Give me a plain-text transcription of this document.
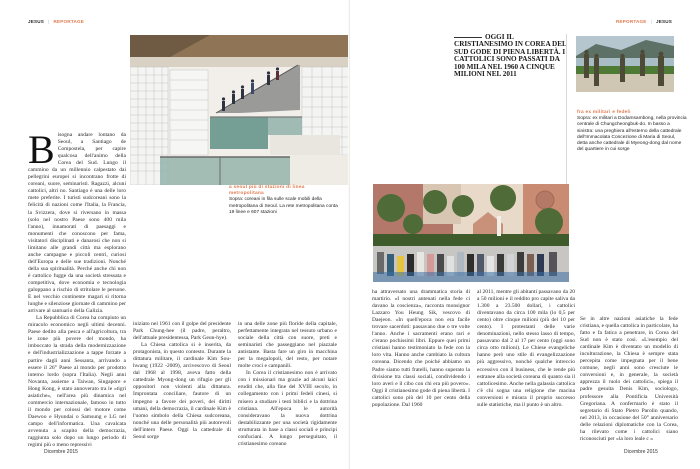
JESUS | REPORTAGE
a seoul più di stazioni di linea metropolitana
Sopra: coreani in fila sulle scale mobili della metropolitana di Seoul. La rete metropolitana conta 19 linee e 607 stazioni

Bisogna andare lontano da Seoul, a Santiago de Compostela, per capire qualcosa dell'animo della Corea del Sud. Lungo il cammino da un millennio calpestato dai pellegrini europei si incontrano frotte di coreani, suore, seminaristi. Ragazzi, alcuni cattolici, altri no. Santiago è una delle loro mete preferite. I turisti sudcoreani sono la felicità di nazioni come l'Italia, la Francia, la Svizzera, dove si riversano in massa (solo nel nostro Paese sono 400 mila l'anno), innamorati di paesaggi e monumenti che conoscono per fama, visitatori disciplinati e danarosi che non si limitano alle grandi città ma esplorano anche campagne e piccoli centri, curiosi dell'Europa e delle sue tradizioni. Nonché della sua spiritualità. Perché anche chi non è cattolico fugge da una società stressata e competitiva, dove economia e tecnologia galoppano a rischio di stritolare le persone. E nel vecchio continente magari si ritorna lunghe e silenziose giornate di cammino per arrivare al santuario della Galizia.

La Repubblica di Corea ha compiuto un miracolo economico negli ultimi decenni. Paese dedito alla pesca e all'agricoltura, tra le zone più povere del mondo, ha imboccato la strada della modernizzazione e dell'industrializzazione a tappe forzate a partire dagli anni Sessanta, arrivando a essere il 26° Paese al mondo per prodotto interno lordo (sopra l'Italia). Negli anni Novanta, assieme a Taiwan, Singapore e Hong Kong, è stato annoverato tra le «tigri asiatiche», nell'area più dinamica nel commercio internazionale, famoso in tutto il mondo per colossi del motore come Daewoo e Hyundai o Samsung e LG nel campo dell'informatica. Una cavalcata avvenuta a scapito della democrazia, raggiunta solo dopo un lungo periodo di regimi più o meno repressivi

iniziato nel 1961 con il golpe del presidente Park Chung-hee (il padre, peraltro, dell'attuale presidentessa, Park Geun-hye).

La Chiesa cattolica si è inserita, da protagonista, in questo contesto. Durante la dittatura militare, il cardinale Kim Sou-hwang (1922 -2009), arcivescovo di Seoul dal 1968 al 1998, aveva fatto della cattedrale Myong-dong un rifugio per gli oppositori non violenti alla dittatura. Improntata conciliare, fautore di un impegno a favore dei poveri, dei diritti umani, della democrazia, il cardinale Kim è l'uomo simbolo della Chiesa sudcoreana, nonché una delle personalità più autorevoli dell'intero Paese. Oggi la cattedrale di Seoul sorge

in una delle zone più floride della capitale, perfettamente integrata nel tessuto urbano e sociale della città con suore, preti e seminaristi che passeggiano nel piazzale antistante. Basta fare un giro in macchina per la megalopoli, del resto, per notare molte croci e campanili.

In Corea il cristianesimo non è arrivato con i missionari ma grazie ad alcuni laici eruditi che, alla fine del XVIII secolo, in collegamento con i primi fedeli cinesi, si misero a studiare i testi biblici e la dottrina cristiana. All'epoca le autorità consideravano la nuova dottrina destabilizzante per una società rigidamente strutturata in base a classi sociali e principi confuciani. A lungo perseguitato, il cristianesimo coreano

Dicembre 2015
REPORTAGE | JESUS
OGGI IL CRISTIANESIMO IN COREA DEL SUD GODE DI PIENA LIBERTÀ. I CATTOLICI SONO PASSATI DA 100 MILA NEL 1960 A CINQUE MILIONI NEL 2011
fra ex militari e fedeli
Sopra: ex militari a Dodamsambong, nella provincia centrale di Chungcheongbuk-do. In basso a sinistra: una preghiera all'esterno della cattedrale dell'Immacolata Concezione di Maria di Seoul, detta anche cattedrale di Myeong-dong dal nome del quartiere in cui sorge

ha attraversato una drammatica storia di martirio. «I nostri antenati nella fede ci davano la coscienza», racconta monsignor Lazzaro You Heung Sik, vescovo di Daejeon. «In quell'epoca non era facile trovare sacerdoti: passavano due o tre volte l'anno. Anche i sacramenti erano rari e c'erano pochissimi libri. Eppure quei primi cristiani hanno testimoniato la fede con la loro vita. Hanno anche cambiato la cultura coreana. Dicendo che poiché abbiamo un Padre siamo tutti fratelli, hanno superato la divisione tra classi sociali, condividendo i loro averi e il cibo con chi era più povero». Oggi il cristianesimo gode di piena libertà. I cattolici sono più del 10 per cento della popolazione. Dal 1960

al 2011, mentre gli abitanti passavano da 20 a 50 milioni e il reddito pro capite saliva da 1.300 a 23.500 dollari, i cattolici diventavano da circa 100 mila (lo 0,5 per cento) oltre cinque milioni (più del 10 per cento). I protestanti delle varie denominazioni, nello stesso lasso di tempo, passavano dal 2 al 17 per cento (oggi sono circa otto milioni). Le Chiese evangeliche hanno però uno stile di evangelizzazione più aggressivo, nonché qualche intreccio eccessivo con il business, che le rende più estranee alla società coreana di quanto sia il cattolicesimo. Anche nella galassia cattolica c'è chi sogna una religione che macina conversioni e misura il proprio successo sulle statistiche, ma il punto è un altro.

Se in altre nazioni asiatiche la fede cristiana, e quella cattolica in particolare, ha fatto e fa fatica a penetrare, in Corea del Sud non è stato così. «L'esempio del cardinale Kim è diventato un modello di inculturazione, la Chiesa è sempre stata percepita come impegnata per il bene comune, negli anni sono cresciute le conversioni e, in generale, la società apprezza il ruolo dei cattolici», spiega il padre gesuita Denis Kim, sociologo, professore alla Pontificia Università Gregoriana. A confermarlo è stato il segretario di Stato Pietro Parolin quando, nel 2013, in occasione del 50° anniversario delle relazioni diplomatiche con la Corea, ha rilevato come i cattolici siano riconosciuti per «la loro leale c »

Dicembre 2015
